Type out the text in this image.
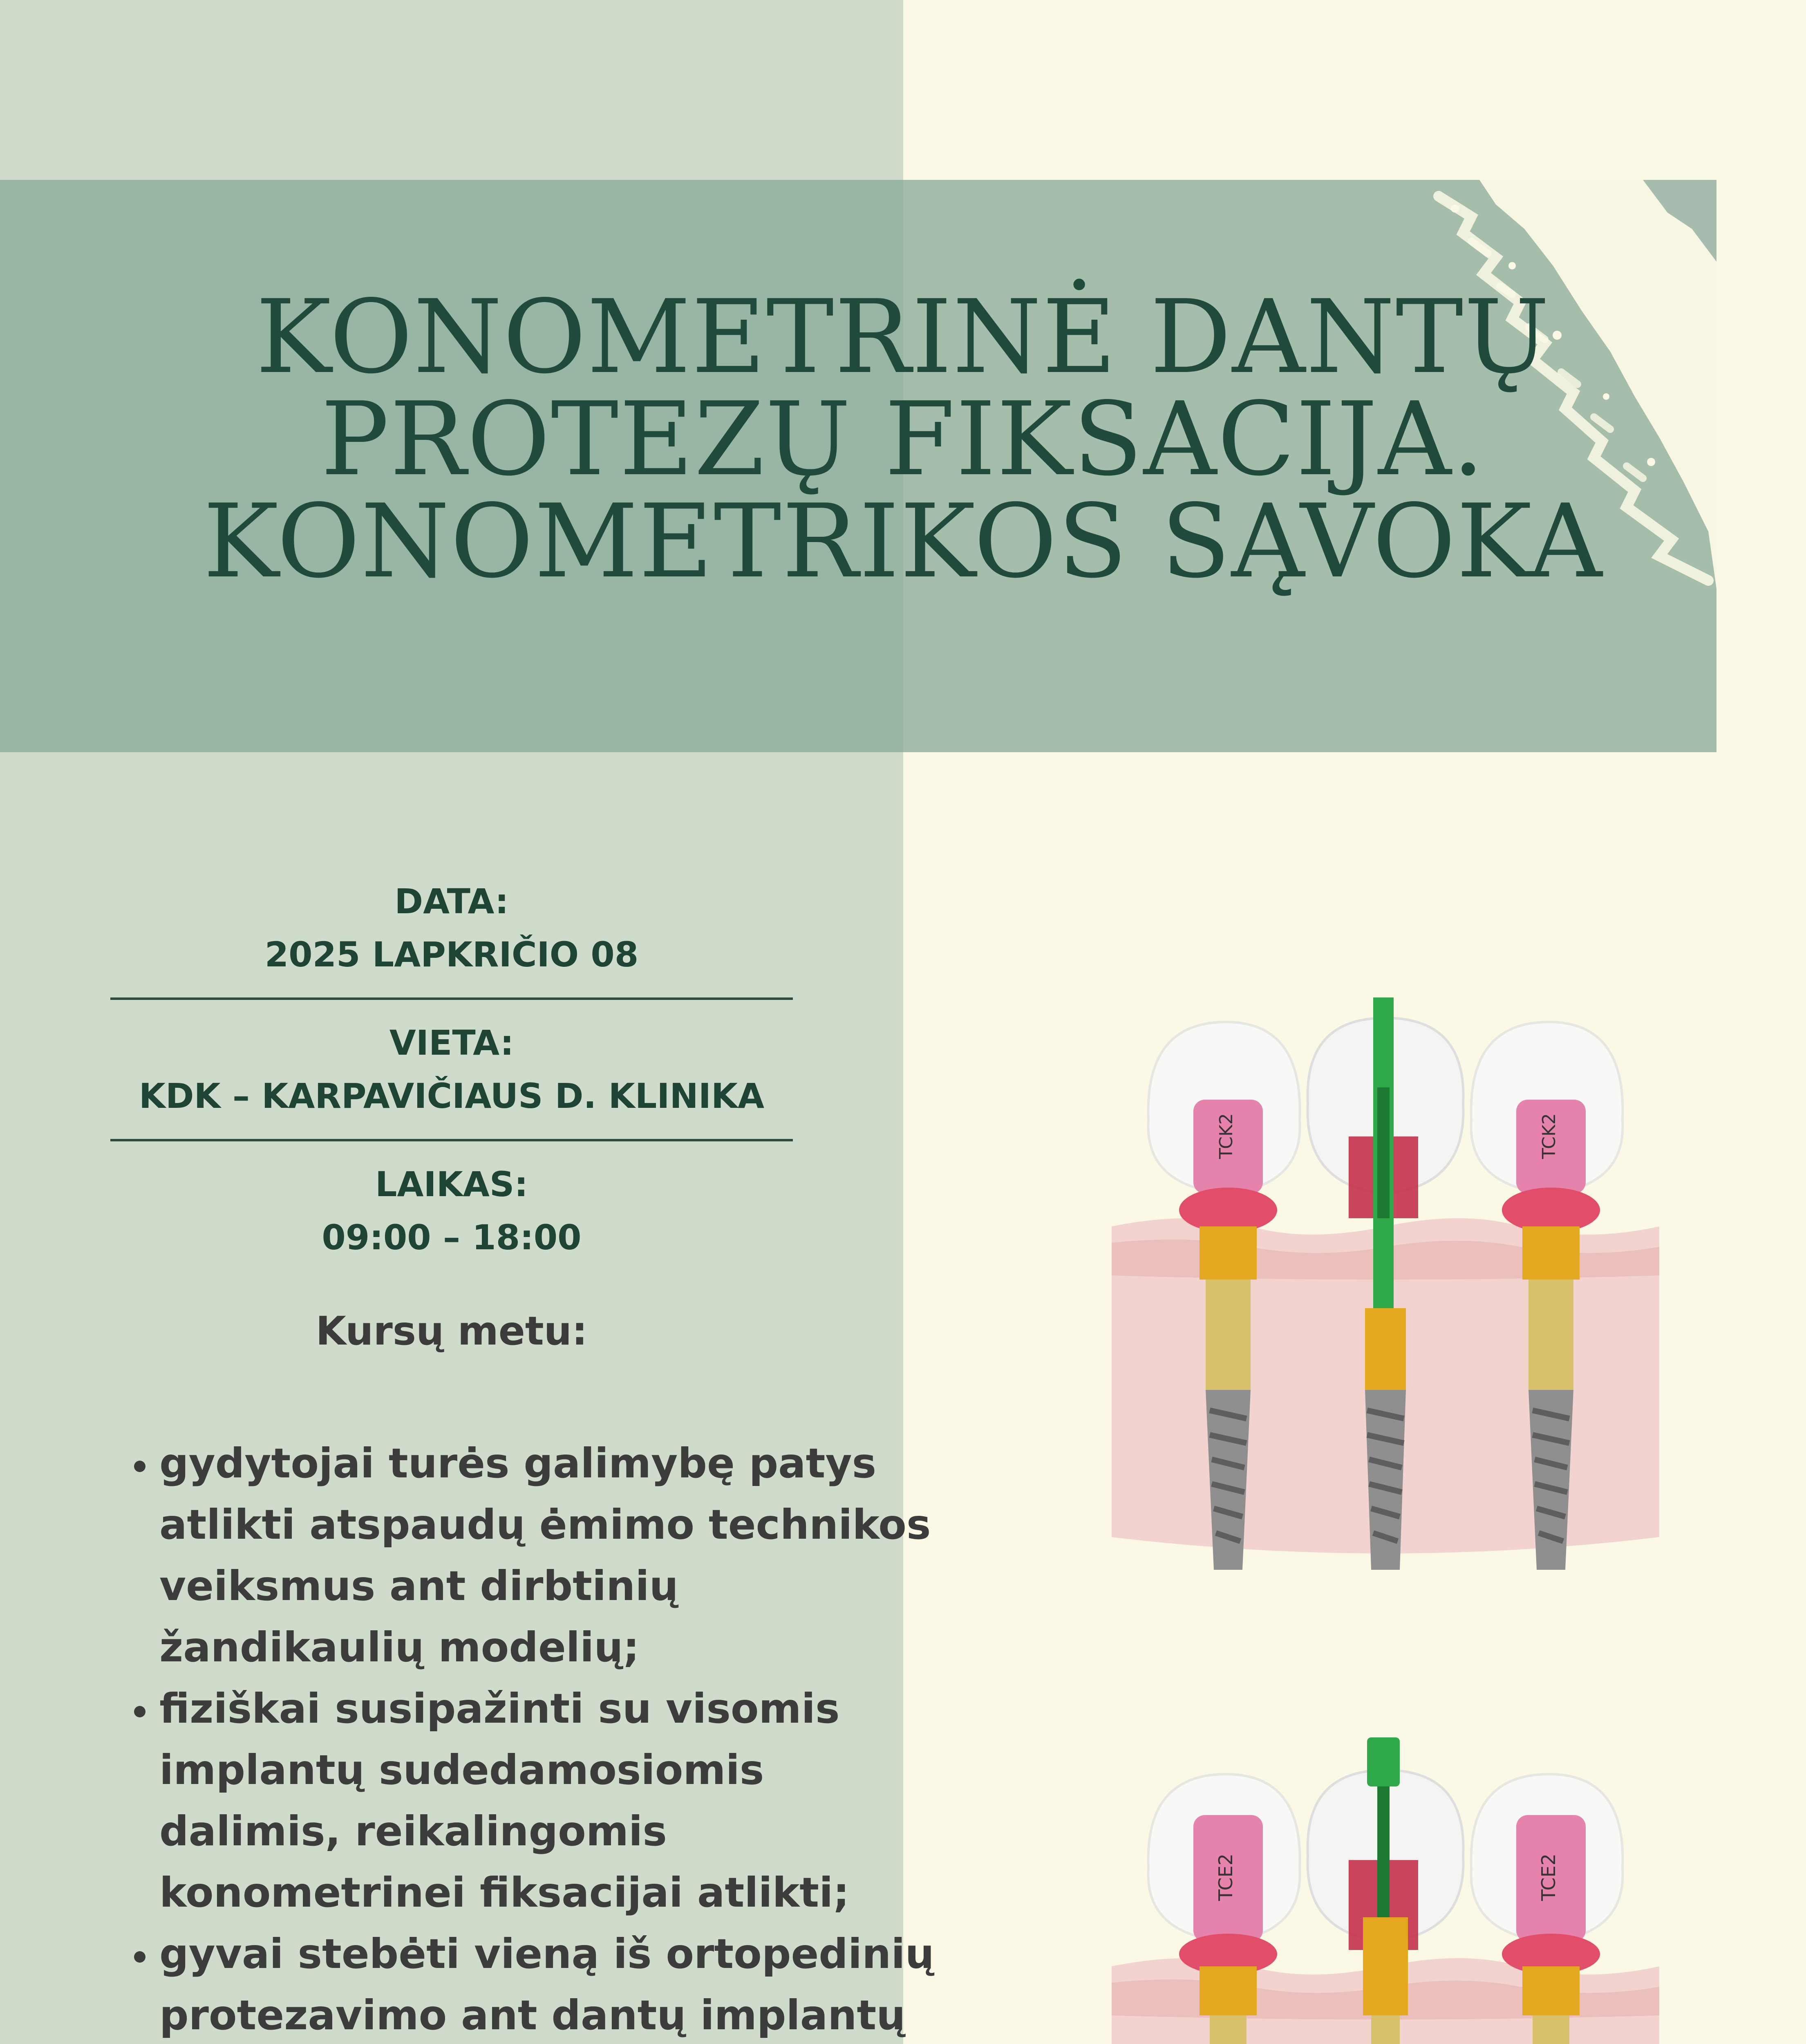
KONOMETRINĖ DANTŲ
PROTEZŲ FIKSACIJA.
KONOMETRIKOS SĄVOKA
DATA:
2025 LAPKRIČIO 08
VIETA:
KDK – KARPAVIČIAUS D. KLINIKA
LAIKAS:
09:00 – 18:00
Kursų metu:
• gydytojai turės galimybę patys atlikti atspaudų ėmimo technikos veiksmus ant dirbtinių žandikaulių modelių;
• fiziškai susipažinti su visomis implantų sudedamosiomis dalimis, reikalingomis konometrinei fiksacijai atlikti;
• gyvai stebėti vieną iš ortopedinių protezavimo ant dantų implantų
TCK2	TCK2
TCE2	TCE2
